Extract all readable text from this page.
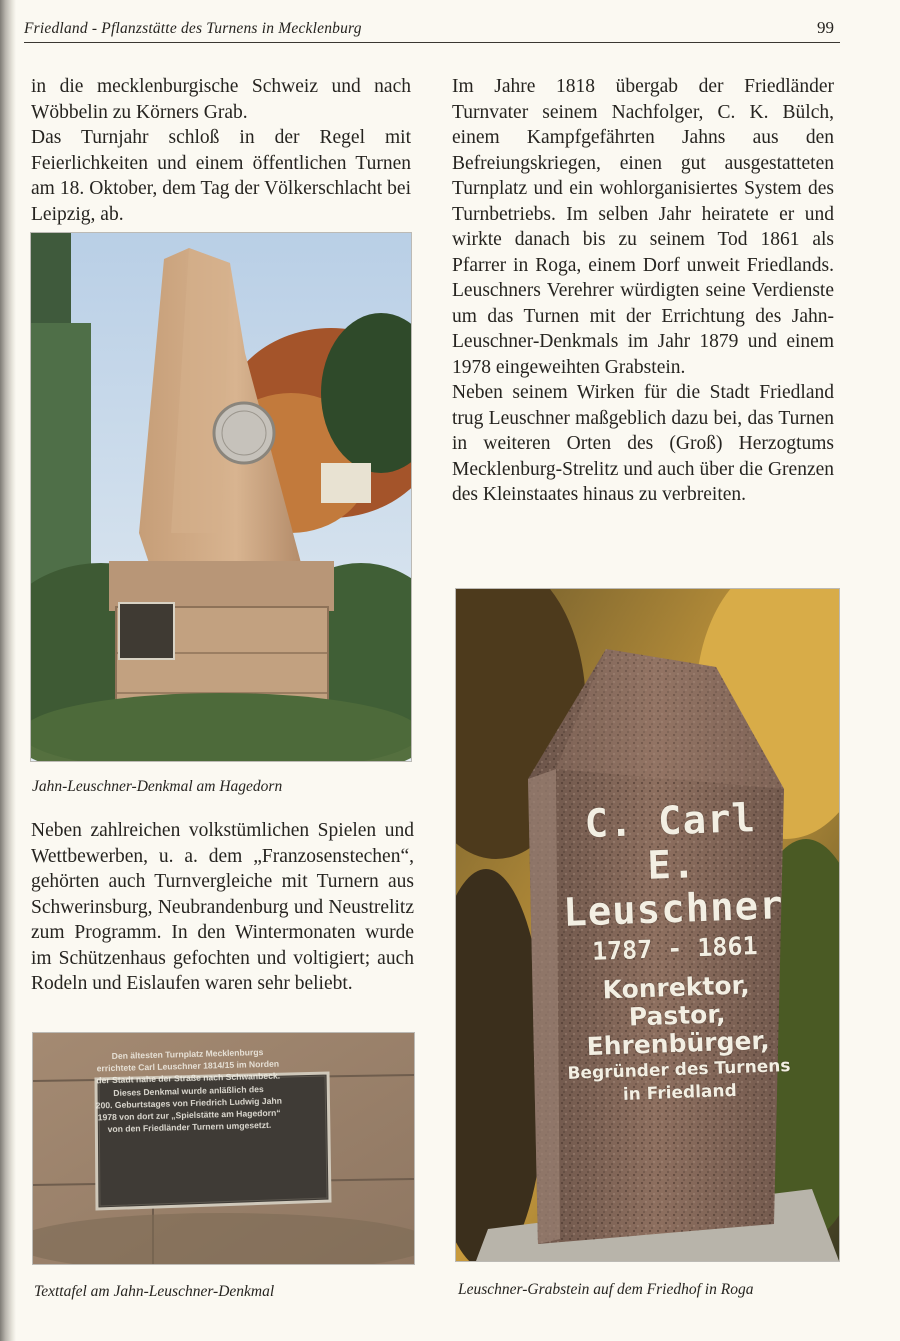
Friedland - Pflanzstätte des Turnens in Mecklenburg	99

in die mecklenburgische Schweiz und nach Wöbbelin zu Körners Grab.

Das Turnjahr schloß in der Regel mit Feierlichkeiten und einem öffentlichen Turnen am 18. Oktober, dem Tag der Völkerschlacht bei Leipzig, ab.

Jahn-Leuschner-Denkmal am Hagedorn

Neben zahlreichen volkstümlichen Spielen und Wettbewerben, u. a. dem „Franzosenstechen“, gehörten auch Turnvergleiche mit Turnern aus Schwerinsburg, Neubrandenburg und Neustrelitz zum Programm. In den Wintermonaten wurde im Schützenhaus gefochten und voltigiert; auch Rodeln und Eislaufen waren sehr beliebt.

Den ältesten Turnplatz Mecklenburgs
errichtete Carl Leuschner 1814/15 im Norden
der Stadt nahe der Straße nach Schwanbeck.
Dieses Denkmal wurde anläßlich des
200. Geburtstages von Friedrich Ludwig Jahn
1978 von dort zur „Spielstätte am Hagedorn“
von den Friedländer Turnern umgesetzt.
Texttafel am Jahn-Leuschner-Denkmal

Im Jahre 1818 übergab der Friedländer Turnvater seinem Nachfolger, C. K. Bülch, einem Kampfgefährten Jahns aus den Befreiungskriegen, einen gut ausgestatteten Turnplatz und ein wohlorganisiertes System des Turnbetriebs. Im selben Jahr heiratete er und wirkte danach bis zu seinem Tod 1861 als Pfarrer in Roga, einem Dorf unweit Friedlands. Leuschners Verehrer würdigten seine Verdienste um das Turnen mit der Errichtung des Jahn-Leuschner-Denkmals im Jahr 1879 und einem 1978 eingeweihten Grabstein.

Neben seinem Wirken für die Stadt Friedland trug Leuschner maßgeblich dazu bei, das Turnen in weiteren Orten des (Groß) Herzogtums Mecklenburg-Strelitz und auch über die Grenzen des Kleinstaates hinaus zu verbreiten.

C. Carl E.
Leuschner
1787 - 1861
Konrektor,
Pastor,
Ehrenbürger,
Begründer des Turnens
in Friedland
Leuschner-Grabstein auf dem Friedhof in Roga
